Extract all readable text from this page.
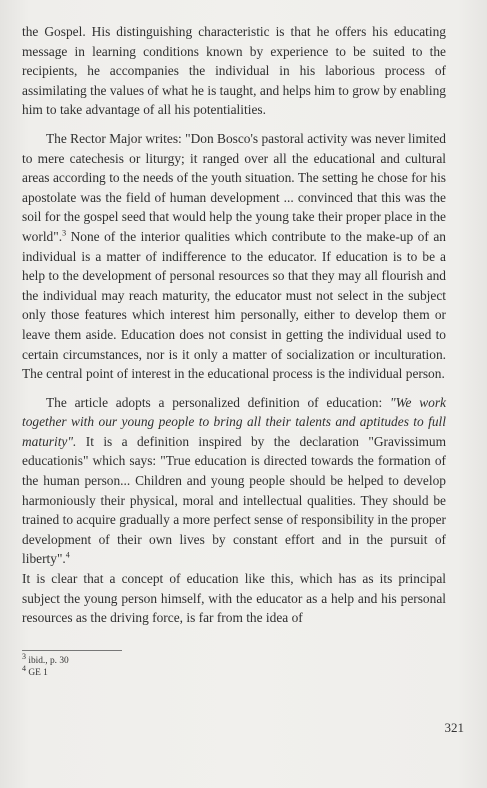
the Gospel. His distinguishing characteristic is that he offers his educating message in learning conditions known by experience to be suited to the recipients, he accompanies the individual in his laborious process of assimilating the values of what he is taught, and helps him to grow by enabling him to take advantage of all his potentialities.

The Rector Major writes: "Don Bosco's pastoral activity was never limited to mere catechesis or liturgy; it ranged over all the educational and cultural areas according to the needs of the youth situation. The setting he chose for his apostolate was the field of human development ... convinced that this was the soil for the gospel seed that would help the young take their proper place in the world".$^3$ None of the interior qualities which contribute to the make-up of an individual is a matter of indifference to the educator. If education is to be a help to the development of personal resources so that they may all flourish and the individual may reach maturity, the educator must not select in the subject only those features which interest him personally, either to develop them or leave them aside. Education does not consist in getting the individual used to certain circumstances, nor is it only a matter of socialization or inculturation. The central point of interest in the educational process is the individual person.

The article adopts a personalized definition of education: "We work together with our young people to bring all their talents and aptitudes to full maturity". It is a definition inspired by the declaration "Gravissimum educationis" which says: "True education is directed towards the formation of the human person... Children and young people should be helped to develop harmoniously their physical, moral and intellectual qualities. They should be trained to acquire gradually a more perfect sense of responsibility in the proper development of their own lives by constant effort and in the pursuit of liberty".$^4$

It is clear that a concept of education like this, which has as its principal subject the young person himself, with the educator as a help and his personal resources as the driving force, is far from the idea of

$^3$ ibid., p. 30

$^4$ GE 1

321
